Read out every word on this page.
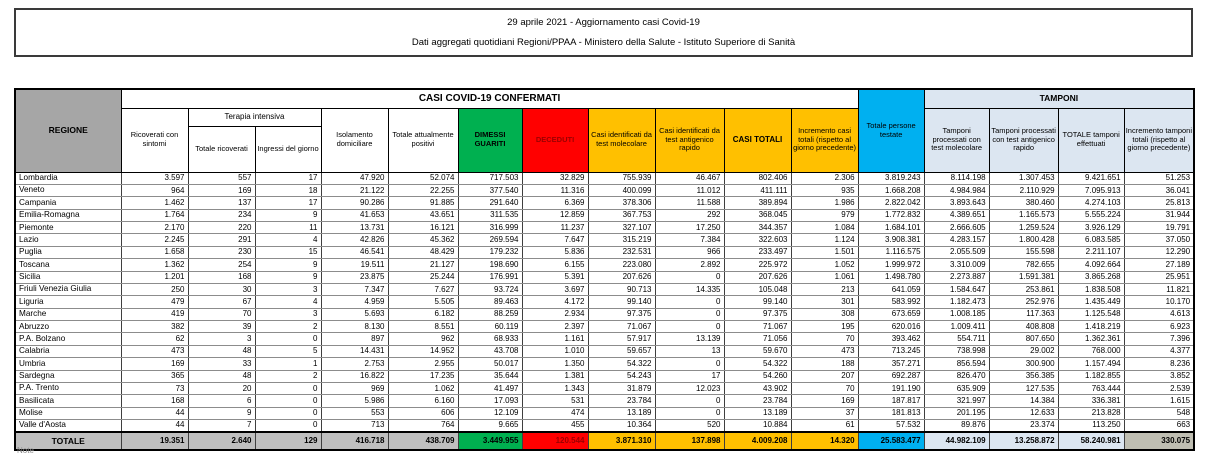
29 aprile 2021 - Aggiornamento casi Covid-19
Dati aggregati quotidiani Regioni/PPAA - Ministero della Salute - Istituto Superiore di Sanità
REGIONE	CASI COVID-19 CONFERMATI											Totale persone testate	TAMPONI			
	Ricoverati con sintomi	Terapia intensiva		Isolamento domiciliare	Totale attualmente positivi	DIMESSI GUARITI	DECEDUTI	Casi identificati da test molecolare	Casi identificati da test antigenico rapido	CASI TOTALI	Incremento casi totali (rispetto al giorno precedente)		Tamponi processati con test molecolare	Tamponi processati con test antigenico rapido	TOTALE tamponi effettuati	Incremento tamponi totali (rispetto al giorno precedente)
		Totale ricoverati	Ingressi del giorno													
Lombardia	3.597	557	17	47.920	52.074	717.503	32.829	755.939	46.467	802.406	2.306	3.819.243	8.114.198	1.307.453	9.421.651	51.253
Veneto	964	169	18	21.122	22.255	377.540	11.316	400.099	11.012	411.111	935	1.668.208	4.984.984	2.110.929	7.095.913	36.041
Campania	1.462	137	17	90.286	91.885	291.640	6.369	378.306	11.588	389.894	1.986	2.822.042	3.893.643	380.460	4.274.103	25.813
Emilia-Romagna	1.764	234	9	41.653	43.651	311.535	12.859	367.753	292	368.045	979	1.772.832	4.389.651	1.165.573	5.555.224	31.944
Piemonte	2.170	220	11	13.731	16.121	316.999	11.237	327.107	17.250	344.357	1.084	1.684.101	2.666.605	1.259.524	3.926.129	19.791
Lazio	2.245	291	4	42.826	45.362	269.594	7.647	315.219	7.384	322.603	1.124	3.908.381	4.283.157	1.800.428	6.083.585	37.050
Puglia	1.658	230	15	46.541	48.429	179.232	5.836	232.531	966	233.497	1.501	1.116.575	2.055.509	155.598	2.211.107	12.290
Toscana	1.362	254	9	19.511	21.127	198.690	6.155	223.080	2.892	225.972	1.052	1.999.972	3.310.009	782.655	4.092.664	27.189
Sicilia	1.201	168	9	23.875	25.244	176.991	5.391	207.626	0	207.626	1.061	1.498.780	2.273.887	1.591.381	3.865.268	25.951
Friuli Venezia Giulia	250	30	3	7.347	7.627	93.724	3.697	90.713	14.335	105.048	213	641.059	1.584.647	253.861	1.838.508	11.821
Liguria	479	67	4	4.959	5.505	89.463	4.172	99.140	0	99.140	301	583.992	1.182.473	252.976	1.435.449	10.170
Marche	419	70	3	5.693	6.182	88.259	2.934	97.375	0	97.375	308	673.659	1.008.185	117.363	1.125.548	4.613
Abruzzo	382	39	2	8.130	8.551	60.119	2.397	71.067	0	71.067	195	620.016	1.009.411	408.808	1.418.219	6.923
P.A. Bolzano	62	3	0	897	962	68.933	1.161	57.917	13.139	71.056	70	393.462	554.711	807.650	1.362.361	7.396
Calabria	473	48	5	14.431	14.952	43.708	1.010	59.657	13	59.670	473	713.245	738.998	29.002	768.000	4.377
Umbria	169	33	1	2.753	2.955	50.017	1.350	54.322	0	54.322	188	357.271	856.594	300.900	1.157.494	8.236
Sardegna	365	48	2	16.822	17.235	35.644	1.381	54.243	17	54.260	207	692.287	826.470	356.385	1.182.855	3.852
P.A. Trento	73	20	0	969	1.062	41.497	1.343	31.879	12.023	43.902	70	191.190	635.909	127.535	763.444	2.539
Basilicata	168	6	0	5.986	6.160	17.093	531	23.784	0	23.784	169	187.817	321.997	14.384	336.381	1.615
Molise	44	9	0	553	606	12.109	474	13.189	0	13.189	37	181.813	201.195	12.633	213.828	548
Valle d'Aosta	44	7	0	713	764	9.665	455	10.364	520	10.884	61	57.532	89.876	23.374	113.250	663
TOTALE	19.351	2.640	129	416.718	438.709	3.449.955	120.544	3.871.310	137.898	4.009.208	14.320	25.583.477	44.982.109	13.258.872	58.240.981	330.075
Note
